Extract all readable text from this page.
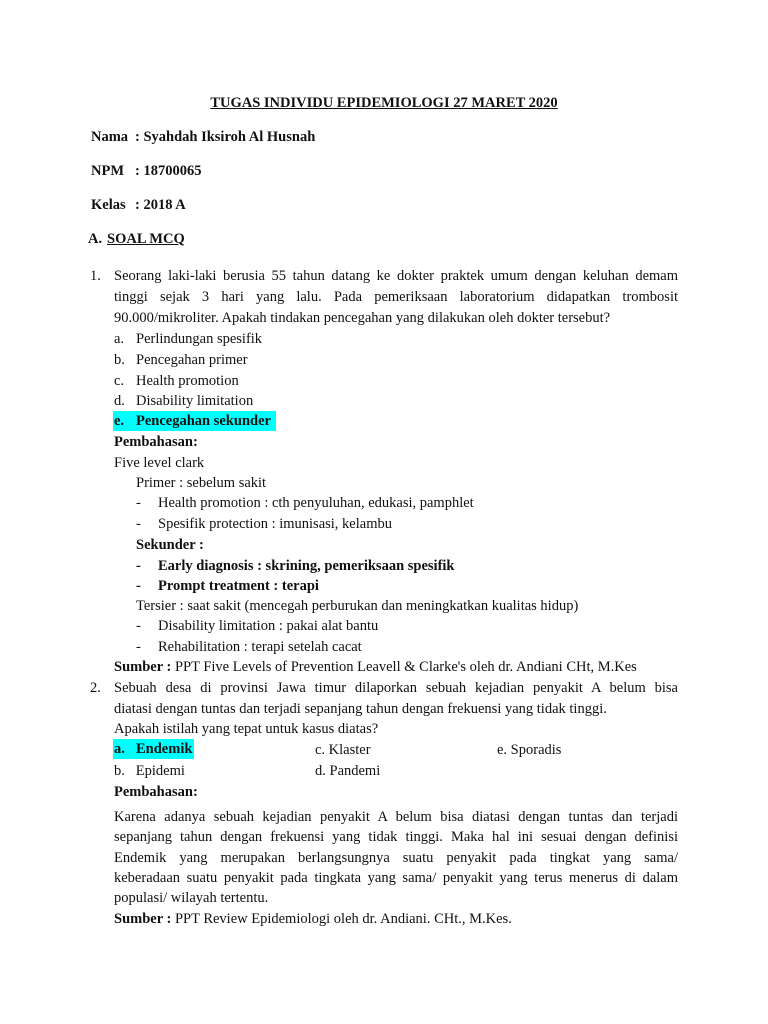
TUGAS INDIVIDU EPIDEMIOLOGI 27 MARET 2020
Nama : Syahdah Iksiroh Al Husnah
NPM : 18700065
Kelas : 2018 A
A. SOAL MCQ
1. Seorang laki-laki berusia 55 tahun datang ke dokter praktek umum dengan keluhan demam
tinggi sejak 3 hari yang lalu. Pada pemeriksaan laboratorium didapatkan trombosit
90.000/mikroliter. Apakah tindakan pencegahan yang dilakukan oleh dokter tersebut?
a. Perlindungan spesifik
b. Pencegahan primer
c. Health promotion
d. Disability limitation
e. Pencegahan sekunder
Pembahasan:
Five level clark
Primer : sebelum sakit
- Health promotion : cth penyuluhan, edukasi, pamphlet
- Spesifik protection : imunisasi, kelambu
Sekunder :
- Early diagnosis : skrining, pemeriksaan spesifik
- Prompt treatment : terapi
Tersier : saat sakit (mencegah perburukan dan meningkatkan kualitas hidup)
- Disability limitation : pakai alat bantu
- Rehabilitation : terapi setelah cacat
Sumber : PPT Five Levels of Prevention Leavell & Clarke's oleh dr. Andiani CHt, M.Kes
2. Sebuah desa di provinsi Jawa timur dilaporkan sebuah kejadian penyakit A belum bisa
diatasi dengan tuntas dan terjadi sepanjang tahun dengan frekuensi yang tidak tinggi.
Apakah istilah yang tepat untuk kasus diatas?
a. Endemik	c. Klaster	e. Sporadis
b.   Epidemi	d. Pandemi
Pembahasan:
Karena adanya sebuah kejadian penyakit A belum bisa diatasi dengan tuntas dan terjadi
sepanjang tahun dengan frekuensi yang tidak tinggi. Maka hal ini sesuai dengan definisi
Endemik yang merupakan berlangsungnya suatu penyakit pada tingkat yang sama/
keberadaan suatu penyakit pada tingkata yang sama/ penyakit yang terus menerus di dalam
populasi/ wilayah tertentu.
Sumber : PPT Review Epidemiologi oleh dr. Andiani. CHt., M.Kes.
